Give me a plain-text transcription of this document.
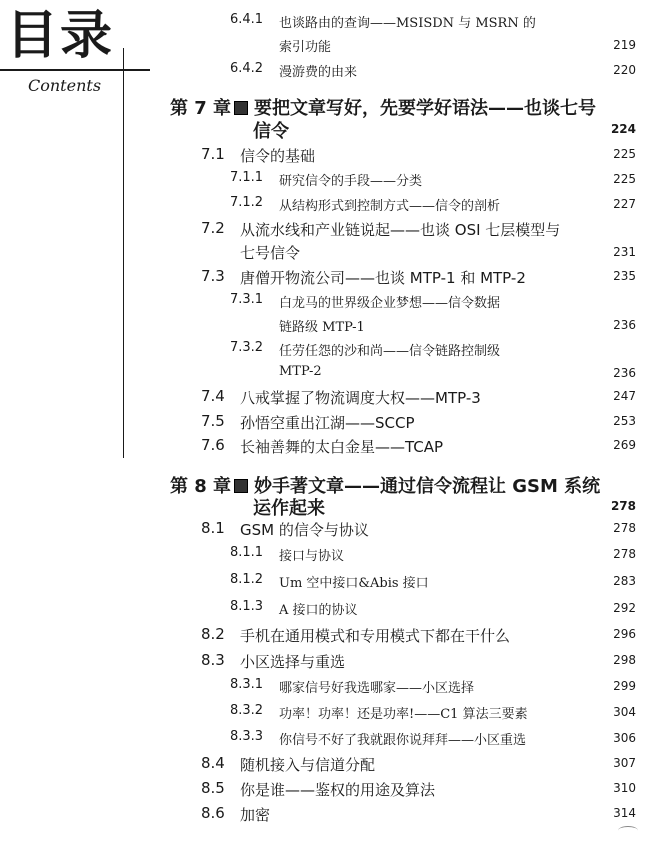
目录
Contents
6.4.1 也谈路由的查询——MSISDN 与 MSRN 的
索引功能	219
6.4.2 漫游费的由来	220
第 7 章	要把文章写好，先要学好语法——也谈七号
信令	224
7.1 信令的基础	225
7.1.1 研究信令的手段——分类	225
7.1.2 从结构形式到控制方式——信令的剖析	227
7.2 从流水线和产业链说起——也谈 OSI 七层模型与
七号信令	231
7.3 唐僧开物流公司——也谈 MTP-1 和 MTP-2	235
7.3.1 白龙马的世界级企业梦想——信令数据
链路级 MTP-1	236
7.3.2 任劳任怨的沙和尚——信令链路控制级
MTP-2	236
7.4 八戒掌握了物流调度大权——MTP-3	247
7.5 孙悟空重出江湖——SCCP	253
7.6 长袖善舞的太白金星——TCAP	269
第 8 章	妙手著文章——通过信令流程让 GSM 系统
运作起来	278
8.1 GSM 的信令与协议	278
8.1.1 接口与协议	278
8.1.2 Um 空中接口&Abis 接口	283
8.1.3 A 接口的协议	292
8.2 手机在通用模式和专用模式下都在干什么	296
8.3 小区选择与重选	298
8.3.1 哪家信号好我选哪家——小区选择	299
8.3.2 功率！功率！还是功率!——C1 算法三要素	304
8.3.3 你信号不好了我就跟你说拜拜——小区重选	306
8.4 随机接入与信道分配	307
8.5 你是谁——鉴权的用途及算法	310
8.6 加密	314
